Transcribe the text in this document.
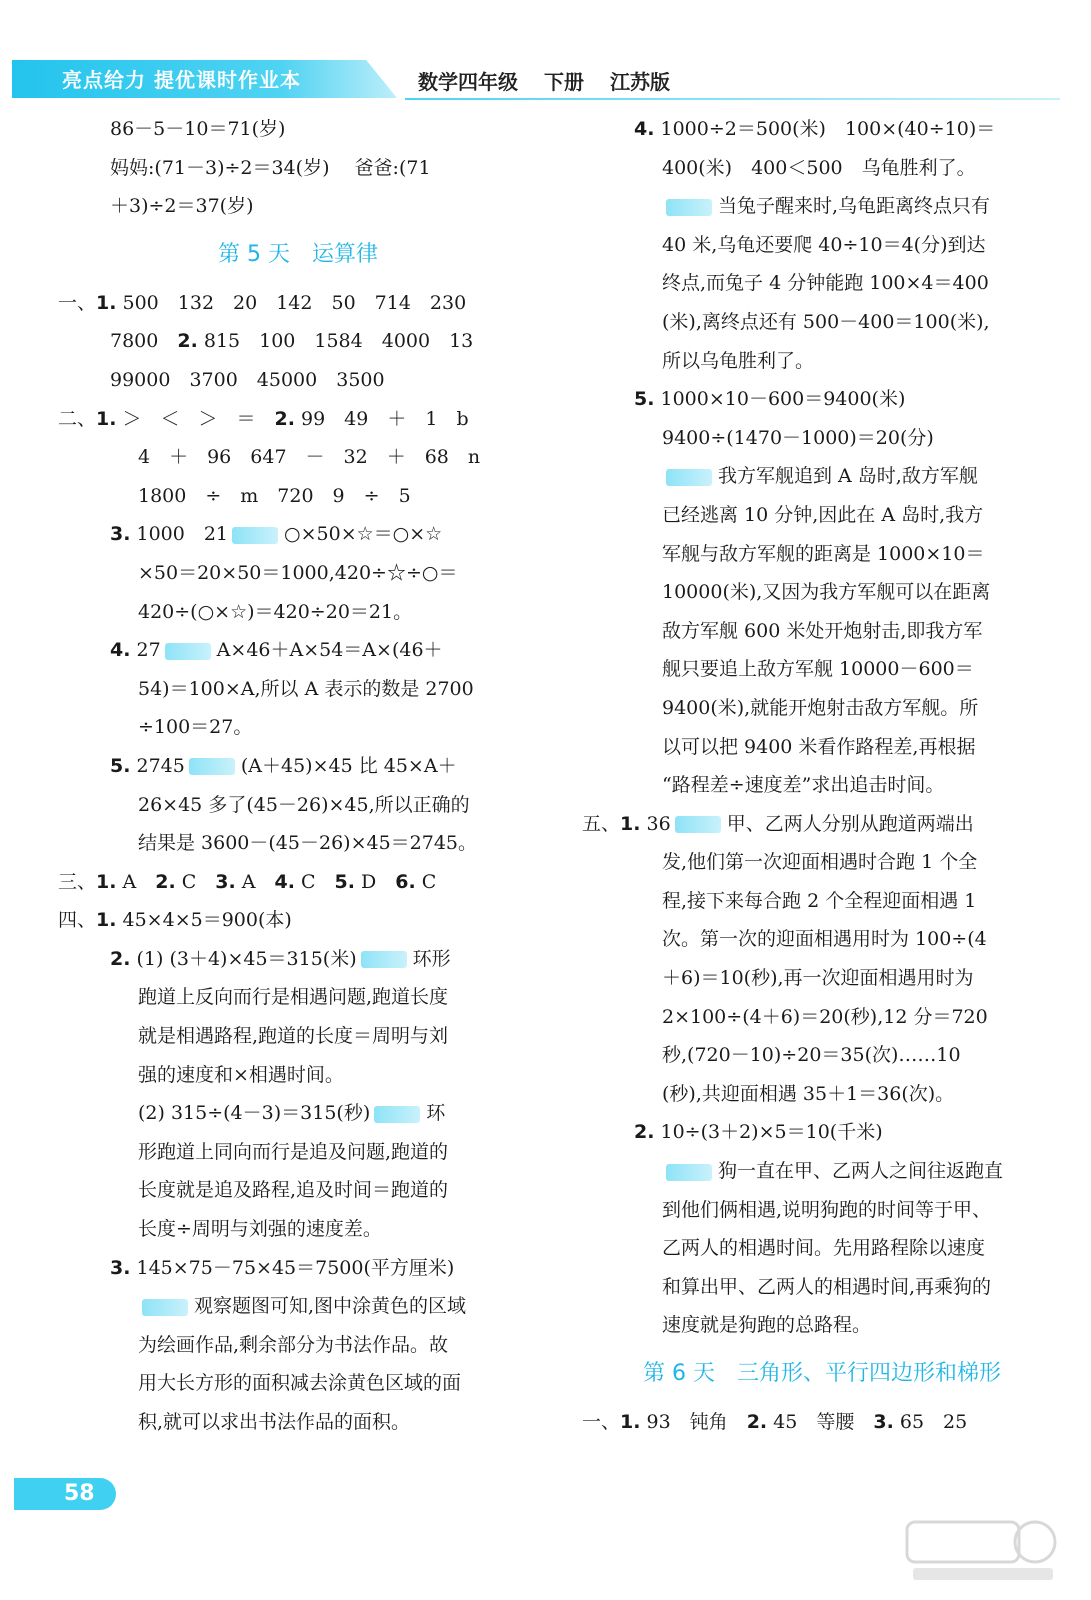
亮点给力 提优课时作业本	数学四年级 下册 江苏版
86－5－10＝71(岁)
妈妈:(71－3)÷2＝34(岁)　 爸爸:(71
＋3)÷2＝37(岁)
第 5 天　运算律
一、1. 500　132　20　142　50　714　230
7800　2. 815　100　1584　4000　13
99000　3700　45000　3500
二、1. ＞　＜　＞　＝　2. 99　49　＋　1　b
4　＋　96　647　－　32　＋　68　n
1800　÷　m　720　9　÷　5
3. 1000　21	○×50×☆＝○×☆
×50＝20×50＝1000,420÷☆÷○＝
420÷(○×☆)＝420÷20＝21。
4. 27	A×46＋A×54＝A×(46＋
54)＝100×A,所以 A 表示的数是 2700
÷100＝27。
5. 2745	(A＋45)×45 比 45×A＋
26×45 多了(45－26)×45,所以正确的
结果是 3600－(45－26)×45＝2745。
三、1. A　2. C　3. A　4. C　5. D　6. C
四、1. 45×4×5＝900(本)
2. (1) (3＋4)×45＝315(米)	环形
跑道上反向而行是相遇问题,跑道长度
就是相遇路程,跑道的长度＝周明与刘
强的速度和×相遇时间。
(2) 315÷(4－3)＝315(秒)	环
形跑道上同向而行是追及问题,跑道的
长度就是追及路程,追及时间＝跑道的
长度÷周明与刘强的速度差。
3. 145×75－75×45＝7500(平方厘米)
观察题图可知,图中涂黄色的区域
为绘画作品,剩余部分为书法作品。故
用大长方形的面积减去涂黄色区域的面
积,就可以求出书法作品的面积。
4. 1000÷2＝500(米)　100×(40÷10)＝
400(米)　400＜500　乌龟胜利了。
当兔子醒来时,乌龟距离终点只有
40 米,乌龟还要爬 40÷10＝4(分)到达
终点,而兔子 4 分钟能跑 100×4＝400
(米),离终点还有 500－400＝100(米),
所以乌龟胜利了。
5. 1000×10－600＝9400(米)
9400÷(1470－1000)＝20(分)
我方军舰追到 A 岛时,敌方军舰
已经逃离 10 分钟,因此在 A 岛时,我方
军舰与敌方军舰的距离是 1000×10＝
10000(米),又因为我方军舰可以在距离
敌方军舰 600 米处开炮射击,即我方军
舰只要追上敌方军舰 10000－600＝
9400(米),就能开炮射击敌方军舰。所
以可以把 9400 米看作路程差,再根据
“路程差÷速度差”求出追击时间。
五、1. 36	甲、乙两人分别从跑道两端出
发,他们第一次迎面相遇时合跑 1 个全
程,接下来每合跑 2 个全程迎面相遇 1
次。第一次的迎面相遇用时为 100÷(4
＋6)＝10(秒),再一次迎面相遇用时为
2×100÷(4＋6)＝20(秒),12 分＝720
秒,(720－10)÷20＝35(次)……10
(秒),共迎面相遇 35＋1＝36(次)。
2. 10÷(3＋2)×5＝10(千米)
狗一直在甲、乙两人之间往返跑直
到他们俩相遇,说明狗跑的时间等于甲、
乙两人的相遇时间。先用路程除以速度
和算出甲、乙两人的相遇时间,再乘狗的
速度就是狗跑的总路程。
第 6 天　三角形、平行四边形和梯形
一、1. 93　钝角　2. 45　等腰　3. 65　25
58
